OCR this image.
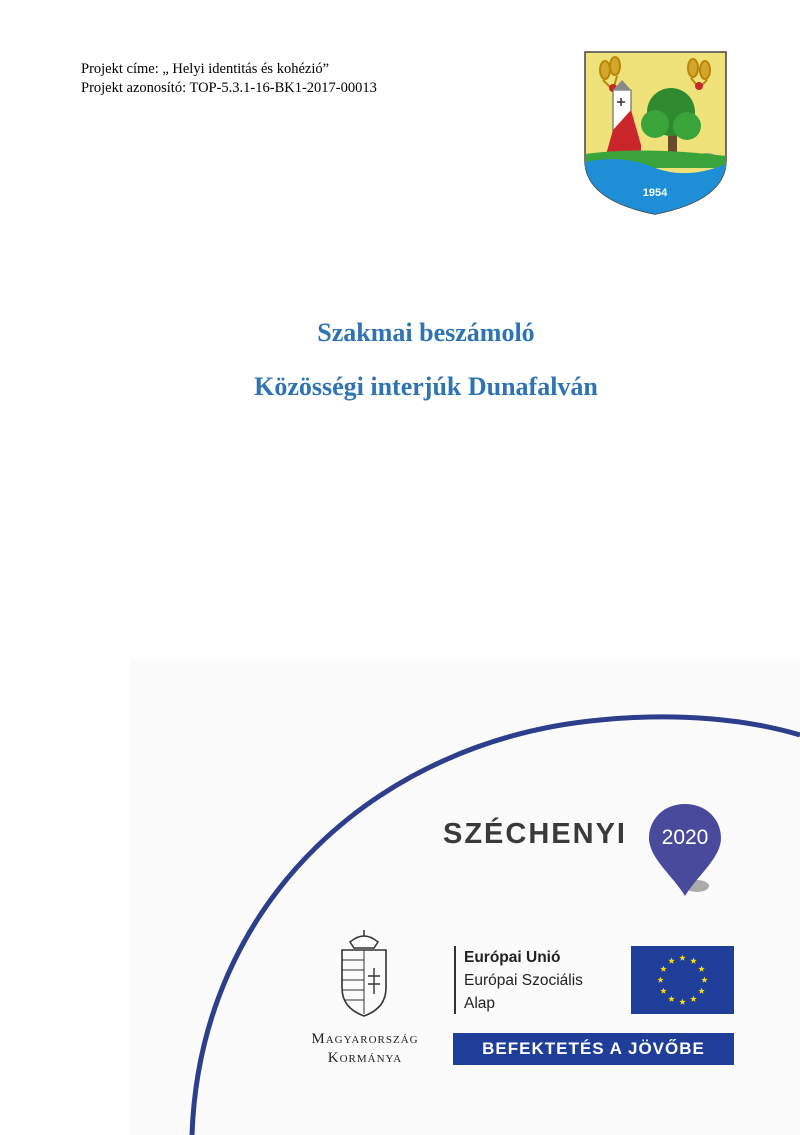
Projekt címe: „ Helyi identitás és kohézió”
Projekt azonosító: TOP-5.3.1-16-BK1-2017-00013
1954
Szakmai beszámoló
Közösségi interjúk Dunafalván
SZÉCHENYI 2020
Magyarország
Kormánya
Európai Unió
Európai Szociális
Alap
BEFEKTETÉS A JÖVŐBE
